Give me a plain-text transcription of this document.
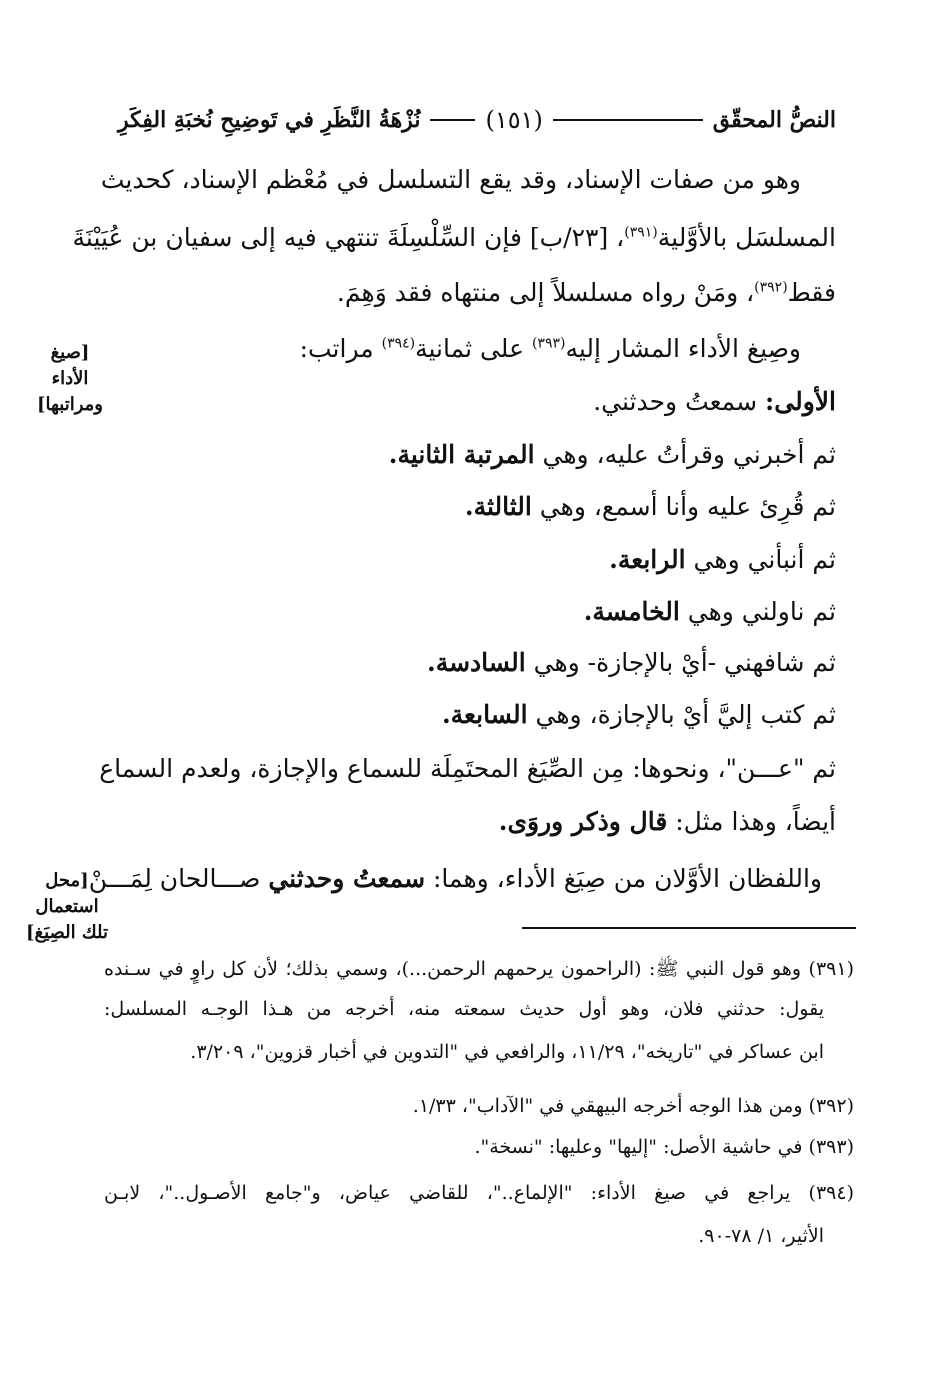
النصُّ المحقّق
(١٥١)
نُزْهَةُ النَّظَرِ في تَوضِيحِ نُخبَةِ الفِكَرِ
وهو من صفات الإسناد، وقد يقع التسلسل في مُعْظم الإسناد، كحديث
المسلسَل بالأوَّلية$^{(٣٩١)}$، [٢٣/ب] فإن السِّلْسِلَةَ تنتهي فيه إلى سفيان بن عُيَيْنَةَ
فقط$^{(٣٩٢)}$، ومَنْ رواه مسلسلاً إلى منتهاه فقد وَهِمَ.
وصِيغ الأداء المشار إليه$^{(٣٩٣)}$ على ثمانية$^{(٣٩٤)}$ مراتب:
الأولى: سمعتُ وحدثني.
ثم أخبرني وقرأتُ عليه، وهي المرتبة الثانية.
ثم قُرِئ عليه وأنا أسمع، وهي الثالثة.
ثم أنبأني وهي الرابعة.
ثم ناولني وهي الخامسة.
ثم شافهني -أيْ بالإجازة- وهي السادسة.
ثم كتب إليَّ أيْ بالإجازة، وهي السابعة.
ثم "عـــن"، ونحوها: مِن الصِّيَغ المحتَمِلَة للسماع والإجازة، ولعدم السماع
أيضاً، وهذا مثل: قال وذكر وروَى.
واللفظان الأوَّلان من صِيَغ الأداء، وهما: سمعتُ وحدثني صـــالحان لِمَـــنْ
[صيغ
الأداء
ومراتبها]
[محل استعمال
تلك الصِيَغ]
(٣٩١) وهو قول النبي ﷺ: (الراحمون يرحمهم الرحمن...)، وسمي بذلك؛ لأن كل راوٍ في سـنده
يقول: حدثني فلان، وهو أول حديث سمعته منه، أخرجه من هـذا الوجـه المسلسل:
ابن عساكر في "تاريخه"، ١١/٢٩، والرافعي في "التدوين في أخبار قزوين"، ٣/٢٠٩.
(٣٩٢) ومن هذا الوجه أخرجه البيهقي في "الآداب"، ١/٣٣.
(٣٩٣) في حاشية الأصل: "إليها" وعليها: "نسخة".
(٣٩٤) يراجع في صيغ الأداء: "الإلماع.."، للقاضي عياض، و"جامع الأصـول.."، لابـن
الأثير، ١/ ٧٨-٩٠.
